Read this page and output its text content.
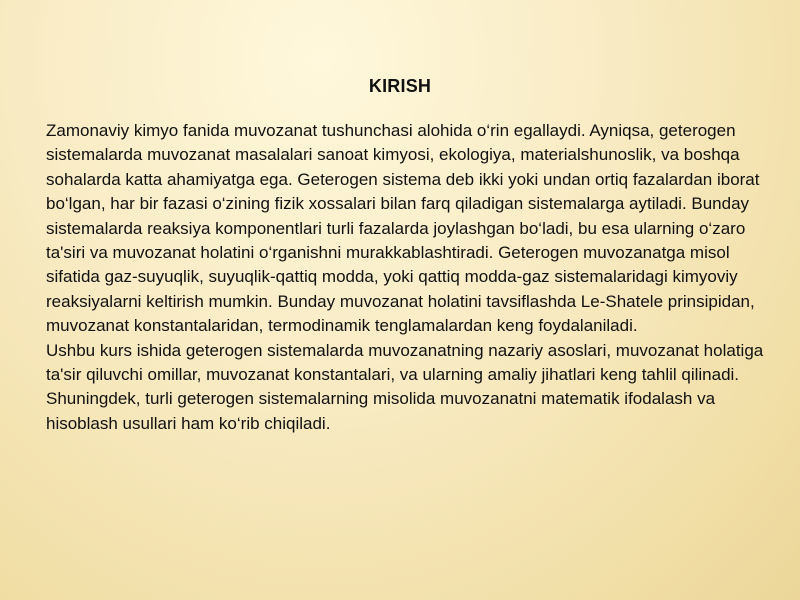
KIRISH

Zamonaviy kimyo fanida muvozanat tushunchasi alohida o‘rin egallaydi. Ayniqsa, geterogen sistemalarda muvozanat masalalari sanoat kimyosi, ekologiya, materialshunoslik, va boshqa sohalarda katta ahamiyatga ega. Geterogen sistema deb ikki yoki undan ortiq fazalardan iborat bo‘lgan, har bir fazasi o‘zining fizik xossalari bilan farq qiladigan sistemalarga aytiladi. Bunday sistemalarda reaksiya komponentlari turli fazalarda joylashgan bo‘ladi, bu esa ularning o‘zaro ta'siri va muvozanat holatini o‘rganishni murakkablashtiradi. Geterogen muvozanatga misol sifatida gaz-suyuqlik, suyuqlik-qattiq modda, yoki qattiq modda-gaz sistemalaridagi kimyoviy reaksiyalarni keltirish mumkin. Bunday muvozanat holatini tavsiflashda Le-Shatele prinsipidan, muvozanat konstantalaridan, termodinamik tenglamalardan keng foydalaniladi.

Ushbu kurs ishida geterogen sistemalarda muvozanatning nazariy asoslari, muvozanat holatiga ta'sir qiluvchi omillar, muvozanat konstantalari, va ularning amaliy jihatlari keng tahlil qilinadi. Shuningdek, turli geterogen sistemalarning misolida muvozanatni matematik ifodalash va hisoblash usullari ham ko‘rib chiqiladi.
